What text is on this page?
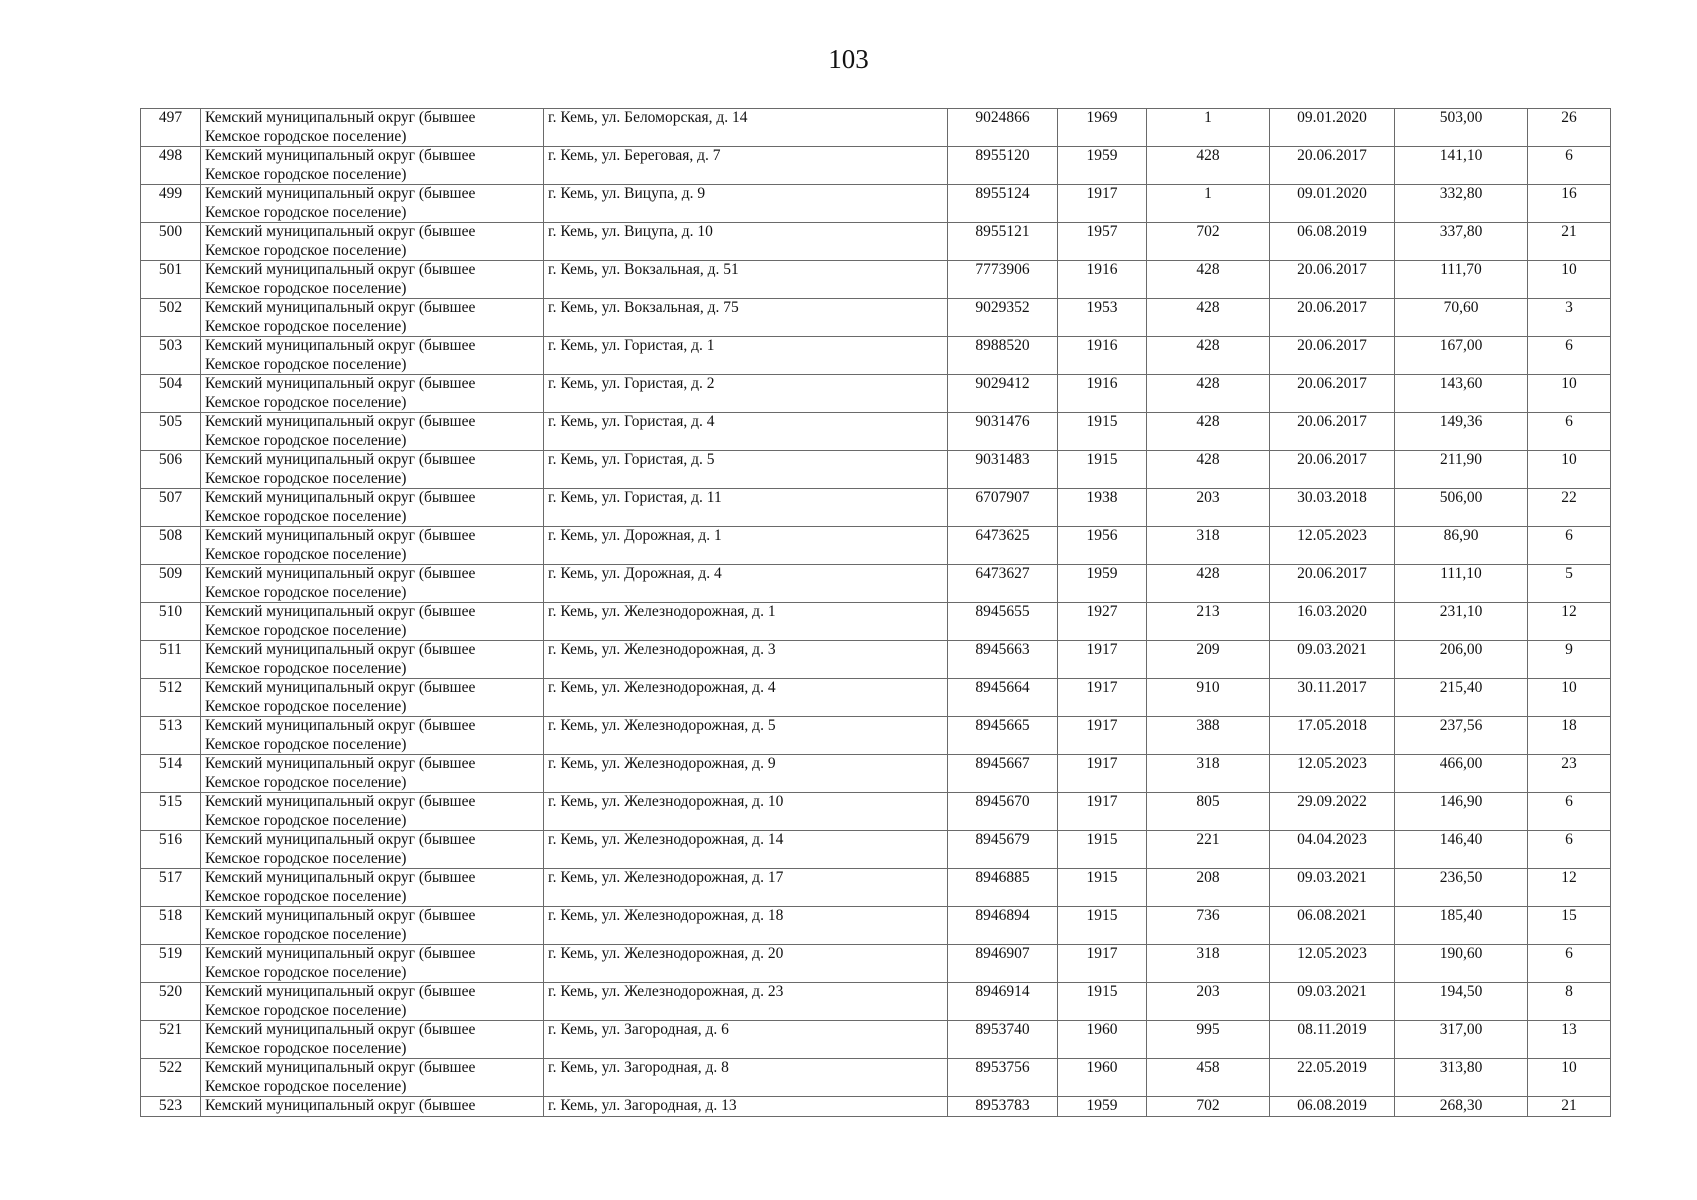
103
497	Кемский муниципальный округ (бывшее
Кемское городское поселение)	г. Кемь, ул. Беломорская, д. 14	9024866	1969	1	09.01.2020	503,00	26
498	Кемский муниципальный округ (бывшее
Кемское городское поселение)	г. Кемь, ул. Береговая, д. 7	8955120	1959	428	20.06.2017	141,10	6
499	Кемский муниципальный округ (бывшее
Кемское городское поселение)	г. Кемь, ул. Вицупа, д. 9	8955124	1917	1	09.01.2020	332,80	16
500	Кемский муниципальный округ (бывшее
Кемское городское поселение)	г. Кемь, ул. Вицупа, д. 10	8955121	1957	702	06.08.2019	337,80	21
501	Кемский муниципальный округ (бывшее
Кемское городское поселение)	г. Кемь, ул. Вокзальная, д. 51	7773906	1916	428	20.06.2017	111,70	10
502	Кемский муниципальный округ (бывшее
Кемское городское поселение)	г. Кемь, ул. Вокзальная, д. 75	9029352	1953	428	20.06.2017	70,60	3
503	Кемский муниципальный округ (бывшее
Кемское городское поселение)	г. Кемь, ул. Гористая, д. 1	8988520	1916	428	20.06.2017	167,00	6
504	Кемский муниципальный округ (бывшее
Кемское городское поселение)	г. Кемь, ул. Гористая, д. 2	9029412	1916	428	20.06.2017	143,60	10
505	Кемский муниципальный округ (бывшее
Кемское городское поселение)	г. Кемь, ул. Гористая, д. 4	9031476	1915	428	20.06.2017	149,36	6
506	Кемский муниципальный округ (бывшее
Кемское городское поселение)	г. Кемь, ул. Гористая, д. 5	9031483	1915	428	20.06.2017	211,90	10
507	Кемский муниципальный округ (бывшее
Кемское городское поселение)	г. Кемь, ул. Гористая, д. 11	6707907	1938	203	30.03.2018	506,00	22
508	Кемский муниципальный округ (бывшее
Кемское городское поселение)	г. Кемь, ул. Дорожная, д. 1	6473625	1956	318	12.05.2023	86,90	6
509	Кемский муниципальный округ (бывшее
Кемское городское поселение)	г. Кемь, ул. Дорожная, д. 4	6473627	1959	428	20.06.2017	111,10	5
510	Кемский муниципальный округ (бывшее
Кемское городское поселение)	г. Кемь, ул. Железнодорожная, д. 1	8945655	1927	213	16.03.2020	231,10	12
511	Кемский муниципальный округ (бывшее
Кемское городское поселение)	г. Кемь, ул. Железнодорожная, д. 3	8945663	1917	209	09.03.2021	206,00	9
512	Кемский муниципальный округ (бывшее
Кемское городское поселение)	г. Кемь, ул. Железнодорожная, д. 4	8945664	1917	910	30.11.2017	215,40	10
513	Кемский муниципальный округ (бывшее
Кемское городское поселение)	г. Кемь, ул. Железнодорожная, д. 5	8945665	1917	388	17.05.2018	237,56	18
514	Кемский муниципальный округ (бывшее
Кемское городское поселение)	г. Кемь, ул. Железнодорожная, д. 9	8945667	1917	318	12.05.2023	466,00	23
515	Кемский муниципальный округ (бывшее
Кемское городское поселение)	г. Кемь, ул. Железнодорожная, д. 10	8945670	1917	805	29.09.2022	146,90	6
516	Кемский муниципальный округ (бывшее
Кемское городское поселение)	г. Кемь, ул. Железнодорожная, д. 14	8945679	1915	221	04.04.2023	146,40	6
517	Кемский муниципальный округ (бывшее
Кемское городское поселение)	г. Кемь, ул. Железнодорожная, д. 17	8946885	1915	208	09.03.2021	236,50	12
518	Кемский муниципальный округ (бывшее
Кемское городское поселение)	г. Кемь, ул. Железнодорожная, д. 18	8946894	1915	736	06.08.2021	185,40	15
519	Кемский муниципальный округ (бывшее
Кемское городское поселение)	г. Кемь, ул. Железнодорожная, д. 20	8946907	1917	318	12.05.2023	190,60	6
520	Кемский муниципальный округ (бывшее
Кемское городское поселение)	г. Кемь, ул. Железнодорожная, д. 23	8946914	1915	203	09.03.2021	194,50	8
521	Кемский муниципальный округ (бывшее
Кемское городское поселение)	г. Кемь, ул. Загородная, д. 6	8953740	1960	995	08.11.2019	317,00	13
522	Кемский муниципальный округ (бывшее
Кемское городское поселение)	г. Кемь, ул. Загородная, д. 8	8953756	1960	458	22.05.2019	313,80	10
523	Кемский муниципальный округ (бывшее	г. Кемь, ул. Загородная, д. 13	8953783	1959	702	06.08.2019	268,30	21
